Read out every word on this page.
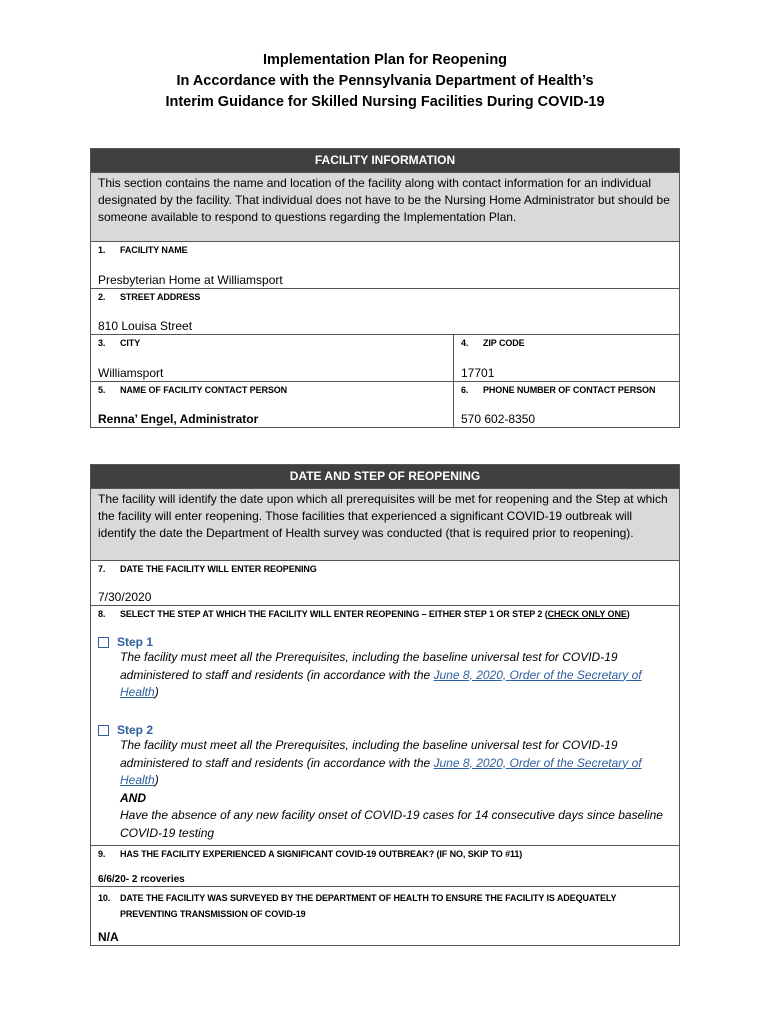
Implementation Plan for Reopening
In Accordance with the Pennsylvania Department of Health’s
Interim Guidance for Skilled Nursing Facilities During COVID-19
FACILITY INFORMATION
This section contains the name and location of the facility along with contact information for an individual designated by the facility. That individual does not have to be the Nursing Home Administrator but should be someone available to respond to questions regarding the Implementation Plan.
1. FACILITY NAME
Presbyterian Home at Williamsport
2. STREET ADDRESS
810 Louisa Street
3. CITY
Williamsport
4. ZIP CODE
17701
5. NAME OF FACILITY CONTACT PERSON
Renna’ Engel, Administrator
6. PHONE NUMBER OF CONTACT PERSON
570 602-8350
DATE AND STEP OF REOPENING
The facility will identify the date upon which all prerequisites will be met for reopening and the Step at which the facility will enter reopening. Those facilities that experienced a significant COVID-19 outbreak will identify the date the Department of Health survey was conducted (that is required prior to reopening).
7. DATE THE FACILITY WILL ENTER REOPENING
7/30/2020
8. SELECT THE STEP AT WHICH THE FACILITY WILL ENTER REOPENING – EITHER STEP 1 OR STEP 2 (CHECK ONLY ONE)
Step 1
The facility must meet all the Prerequisites, including the baseline universal test for COVID-19 administered to staff and residents (in accordance with the June 8, 2020, Order of the Secretary of Health)
Step 2
The facility must meet all the Prerequisites, including the baseline universal test for COVID-19 administered to staff and residents (in accordance with the June 8, 2020, Order of the Secretary of Health)
AND
Have the absence of any new facility onset of COVID-19 cases for 14 consecutive days since baseline COVID-19 testing
9. HAS THE FACILITY EXPERIENCED A SIGNIFICANT COVID-19 OUTBREAK? (IF NO, SKIP TO #11)
6/6/20- 2 rcoveries
10.	DATE THE FACILITY WAS SURVEYED BY THE DEPARTMENT OF HEALTH TO ENSURE THE FACILITY IS ADEQUATELY PREVENTING TRANSMISSION OF COVID-19
N/A
